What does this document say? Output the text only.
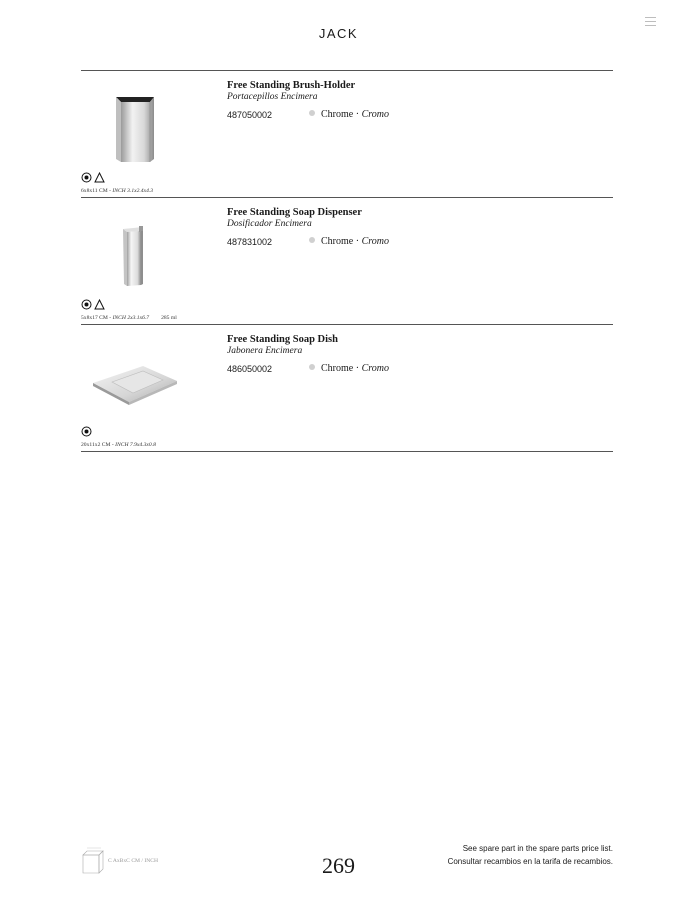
JACK
Free Standing Brush-Holder
Portacepillos Encimera
487050002	Chrome · Cromo
6x8x11 CM - INCH 3.1x2.4x4.3
Free Standing Soap Dispenser
Dosificador Encimera
487831002	Chrome · Cromo
5x8x17 CM - INCH 2x3.1x6.7 285 ml
Free Standing Soap Dish
Jabonera Encimera
486050002	Chrome · Cromo
20x11x2 CM - INCH 7.9x4.3x0.8
C AxBxC CM / INCH	269
See spare part in the spare parts price list.
Consultar recambios en la tarifa de recambios.
